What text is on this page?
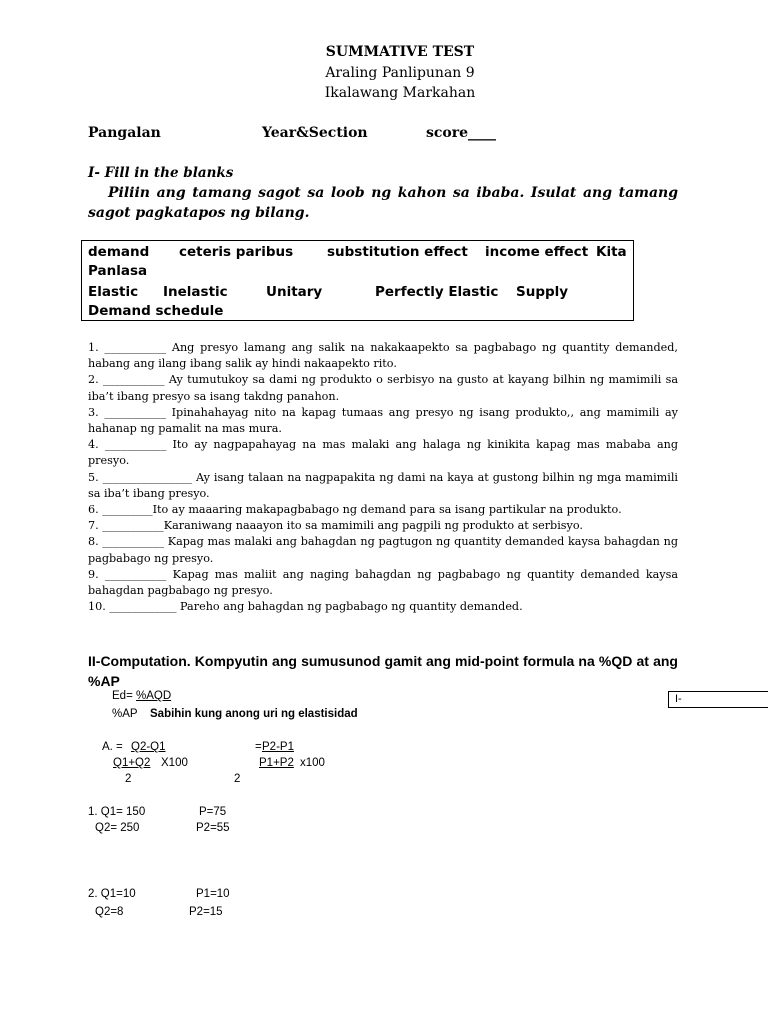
SUMMATIVE TEST
Araling Panlipunan 9
Ikalawang Markahan
Pangalan	Year&Section	score____
I- Fill in the blanks
Piliin ang tamang sagot sa loob ng kahon sa ibaba. Isulat ang tamang sagot pagkatapos ng bilang.
demand ceteris paribus	substitution effect income effect Kita
Panlasa
Elastic Inelastic	Unitary	Perfectly Elastic Supply
Demand schedule

1. ___________ Ang presyo lamang ang salik na nakakaapekto sa pagbabago ng quantity demanded, habang ang ilang ibang salik ay hindi nakaapekto rito.

2. ___________ Ay tumutukoy sa dami ng produkto o serbisyo na gusto at kayang bilhin ng mamimili sa iba’t ibang presyo sa isang takdng panahon.

3. ___________ Ipinahahayag nito na kapag tumaas ang presyo ng isang produkto,, ang mamimili ay hahanap ng pamalit na mas mura.

4. ___________ Ito ay nagpapahayag na mas malaki ang halaga ng kinikita kapag mas mababa ang presyo.

5. ________________ Ay isang talaan na nagpapakita ng dami na kaya at gustong bilhin ng mga mamimili sa iba’t ibang presyo.

6. _________Ito ay maaaring makapagbabago ng demand para sa isang partikular na produkto.

7. ___________Karaniwang naaayon ito sa mamimili ang pagpili ng produkto at serbisyo.

8. ___________ Kapag mas malaki ang bahagdan ng pagtugon ng quantity demanded kaysa bahagdan ng pagbabago ng presyo.

9. ___________ Kapag mas maliit ang naging bahagdan ng pagbabago ng quantity demanded kaysa bahagdan pagbabago ng presyo.

10. ____________ Pareho ang bahagdan ng pagbabago ng quantity demanded.

II-Computation. Kompyutin ang sumusunod gamit ang mid-point formula na %QD at ang %AP
I-
Ed= %AQD
%AP Sabihin kung anong uri ng elastisidad
A. = Q2-Q1
Q1+Q2 X100
2
= P2-P1
P1+P2 x100
2
1. Q1= 150	P=75
Q2= 250	P2=55
2. Q1=10	P1=10
Q2=8	P2=15
